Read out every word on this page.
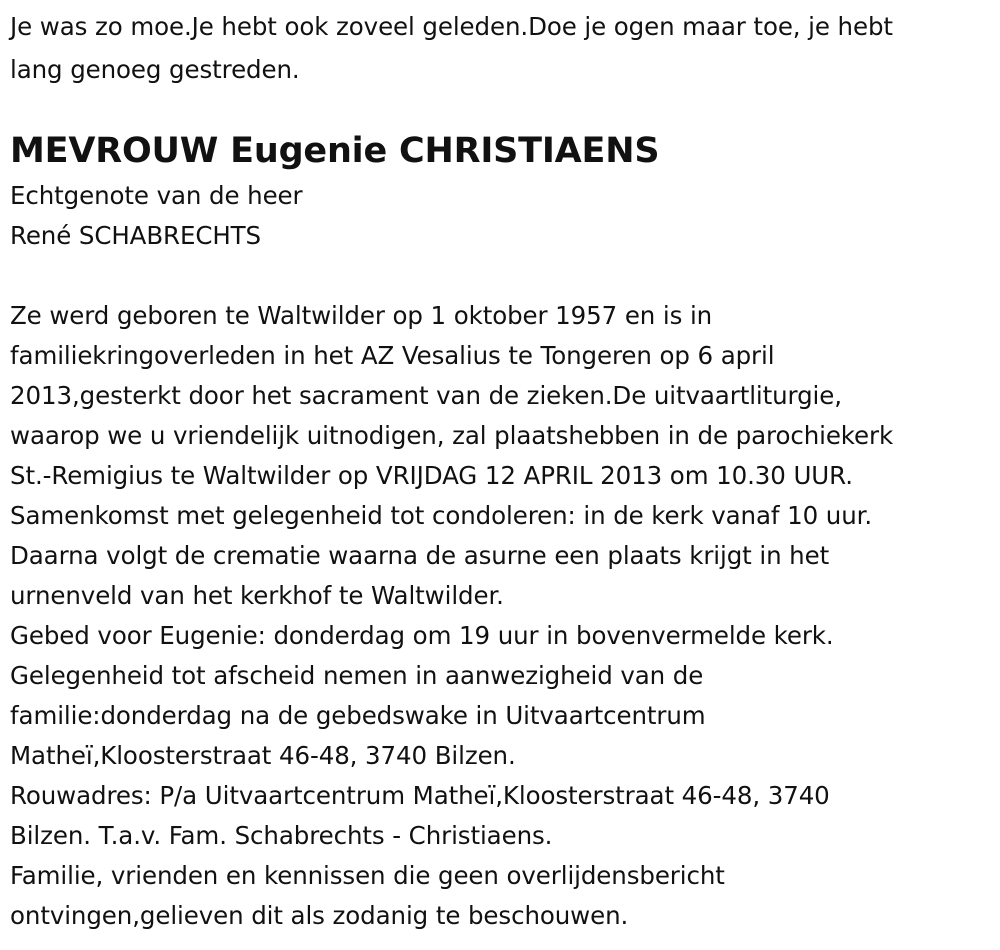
Je was zo moe.Je hebt ook zoveel geleden.Doe je ogen maar toe, je hebt
lang genoeg gestreden.
MEVROUW Eugenie CHRISTIAENS
Echtgenote van de heer
René SCHABRECHTS
Ze werd geboren te Waltwilder op 1 oktober 1957 en is in
familiekringoverleden in het AZ Vesalius te Tongeren op 6 april
2013,gesterkt door het sacrament van de zieken.De uitvaartliturgie,
waarop we u vriendelijk uitnodigen, zal plaatshebben in de parochiekerk
St.-Remigius te Waltwilder op VRIJDAG 12 APRIL 2013 om 10.30 UUR.
Samenkomst met gelegenheid tot condoleren: in de kerk vanaf 10 uur.
Daarna volgt de crematie waarna de asurne een plaats krijgt in het
urnenveld van het kerkhof te Waltwilder.
Gebed voor Eugenie: donderdag om 19 uur in bovenvermelde kerk.
Gelegenheid tot afscheid nemen in aanwezigheid van de
familie:donderdag na de gebedswake in Uitvaartcentrum
Matheï,Kloosterstraat 46-48, 3740 Bilzen.
Rouwadres: P/a Uitvaartcentrum Matheï,Kloosterstraat 46-48, 3740
Bilzen. T.a.v. Fam. Schabrechts - Christiaens.
Familie, vrienden en kennissen die geen overlijdensbericht
ontvingen,gelieven dit als zodanig te beschouwen.
